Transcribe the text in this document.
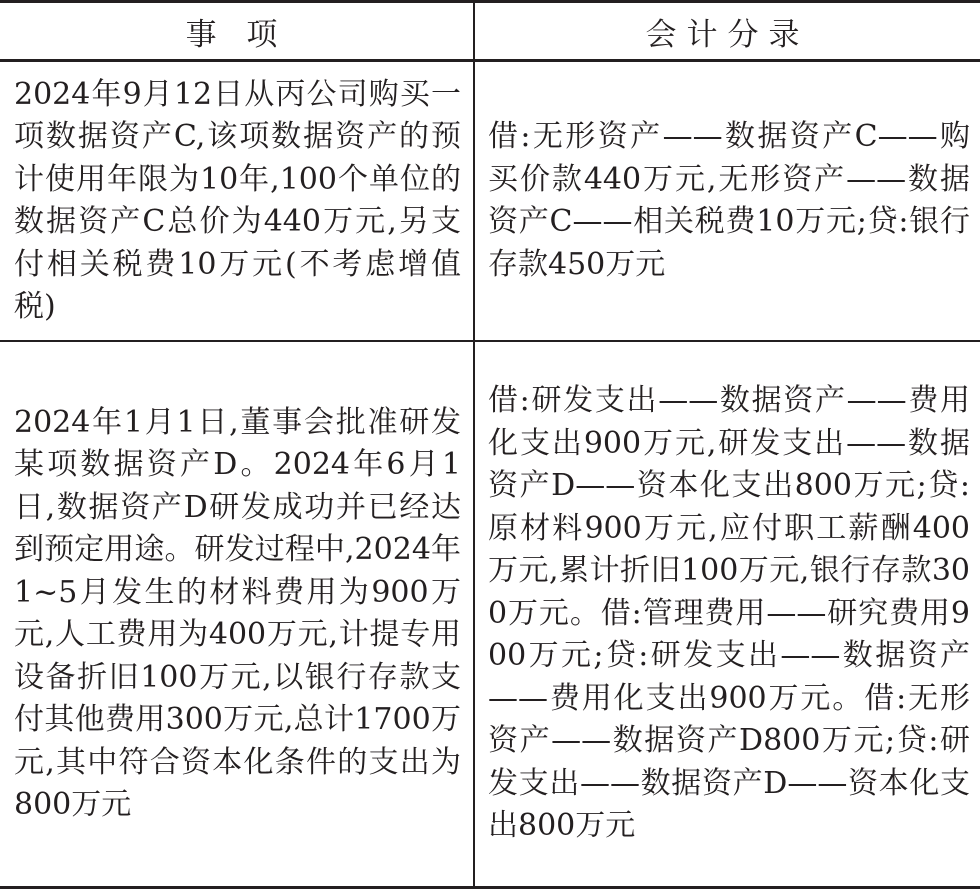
事 项	会计分录

2024年9月12日从丙公司购买一项数据资产C,该项数据资产的预计使用年限为10年,100个单位的数据资产C总价为440万元,另支付相关税费10万元(不考虑增值税)	借:无形资产——数据资产C——购买价款440万元,无形资产——数据资产C——相关税费10万元;贷:银行存款450万元

2024年1月1日,董事会批准研发某项数据资产D。2024年6月1日,数据资产D研发成功并已经达到预定用途。研发过程中,2024年1~5月发生的材料费用为900万元,人工费用为400万元,计提专用设备折旧100万元,以银行存款支付其他费用300万元,总计1700万元,其中符合资本化条件的支出为800万元	借:研发支出——数据资产——费用化支出900万元,研发支出——数据资产D——资本化支出800万元;贷:原材料900万元,应付职工薪酬400万元,累计折旧100万元,银行存款300万元。借:管理费用——研究费用900万元;贷:研发支出——数据资产——费用化支出900万元。借:无形资产——数据资产D800万元;贷:研发支出——数据资产D——资本化支出800万元
